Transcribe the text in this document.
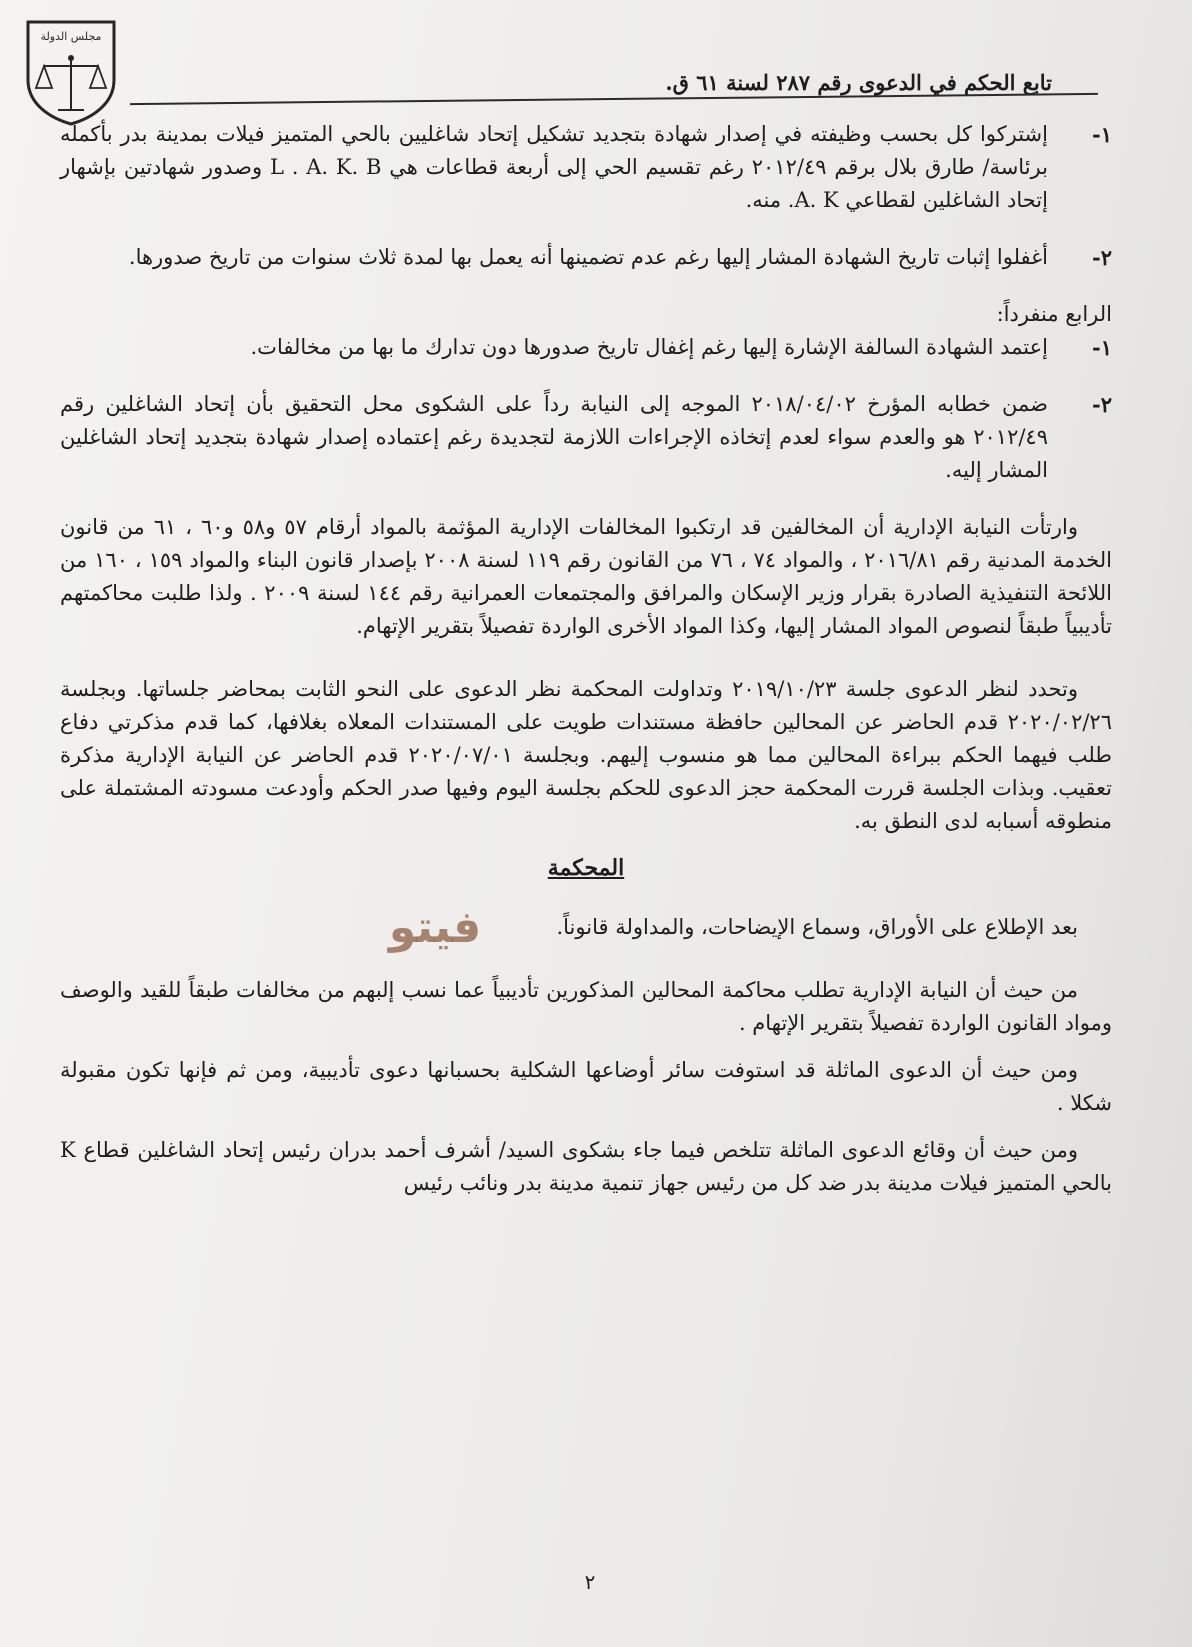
مجلس الدولة
تابع الحكم في الدعوى رقم ٢٨٧ لسنة ٦١ ق.
١-
إشتركوا كل بحسب وظيفته في إصدار شهادة بتجديد تشكيل إتحاد شاغليين بالحي المتميز فيلات بمدينة بدر بأكمله برئاسة/ طارق بلال برقم ٢٠١٢/٤٩ رغم تقسيم الحي إلى أربعة قطاعات هي L . A. K. B وصدور شهادتين بإشهار إتحاد الشاغلين لقطاعي A. K. منه.
٢-
أغفلوا إثبات تاريخ الشهادة المشار إليها رغم عدم تضمينها أنه يعمل بها لمدة ثلاث سنوات من تاريخ صدورها.
الرابع منفرداً:
١-
إعتمد الشهادة السالفة الإشارة إليها رغم إغفال تاريخ صدورها دون تدارك ما بها من مخالفات.
٢-
ضمن خطابه المؤرخ ٢٠١٨/٠٤/٠٢ الموجه إلى النيابة رداً على الشكوى محل التحقيق بأن إتحاد الشاغلين رقم ٢٠١٢/٤٩ هو والعدم سواء لعدم إتخاذه الإجراءات اللازمة لتجديدة رغم إعتماده إصدار شهادة بتجديد إتحاد الشاغلين المشار إليه.

وارتأت النيابة الإدارية أن المخالفين قد ارتكبوا المخالفات الإدارية المؤثمة بالمواد أرقام ٥٧ و٥٨ و٦٠ ، ٦١ من قانون الخدمة المدنية رقم ٢٠١٦/٨١ ، والمواد ٧٤ ، ٧٦ من القانون رقم ١١٩ لسنة ٢٠٠٨ بإصدار قانون البناء والمواد ١٥٩ ، ١٦٠ من اللائحة التنفيذية الصادرة بقرار وزير الإسكان والمرافق والمجتمعات العمرانية رقم ١٤٤ لسنة ٢٠٠٩ . ولذا طلبت محاكمتهم تأديبياً طبقاً لنصوص المواد المشار إليها، وكذا المواد الأخرى الواردة تفصيلاً بتقرير الإتهام.

وتحدد لنظر الدعوى جلسة ٢٠١٩/١٠/٢٣ وتداولت المحكمة نظر الدعوى على النحو الثابت بمحاضر جلساتها. وبجلسة ٢٠٢٠/٠٢/٢٦ قدم الحاضر عن المحالين حافظة مستندات طويت على المستندات المعلاه بغلافها، كما قدم مذكرتي دفاع طلب فيهما الحكم ببراءة المحالين مما هو منسوب إليهم. وبجلسة ٢٠٢٠/٠٧/٠١ قدم الحاضر عن النيابة الإدارية مذكرة تعقيب. وبذات الجلسة قررت المحكمة حجز الدعوى للحكم بجلسة اليوم وفيها صدر الحكم وأودعت مسودته المشتملة على منطوقه أسبابه لدى النطق به.

المحكمة

بعد الإطلاع على الأوراق، وسماع الإيضاحات، والمداولة قانوناً.

من حيث أن النيابة الإدارية تطلب محاكمة المحالين المذكورين تأديبياً عما نسب إلبهم من مخالفات طبقاً للقيد والوصف ومواد القانون الواردة تفصيلاً بتقرير الإتهام .

ومن حيث أن الدعوى الماثلة قد استوفت سائر أوضاعها الشكلية بحسبانها دعوى تأديبية، ومن ثم فإنها تكون مقبولة شكلا .

ومن حيث أن وقائع الدعوى الماثلة تتلخص فيما جاء بشكوى السيد/ أشرف أحمد بدران رئيس إتحاد الشاغلين قطاع K بالحي المتميز فيلات مدينة بدر ضد كل من رئيس جهاز تنمية مدينة بدر ونائب رئيس

فيتو
٢
